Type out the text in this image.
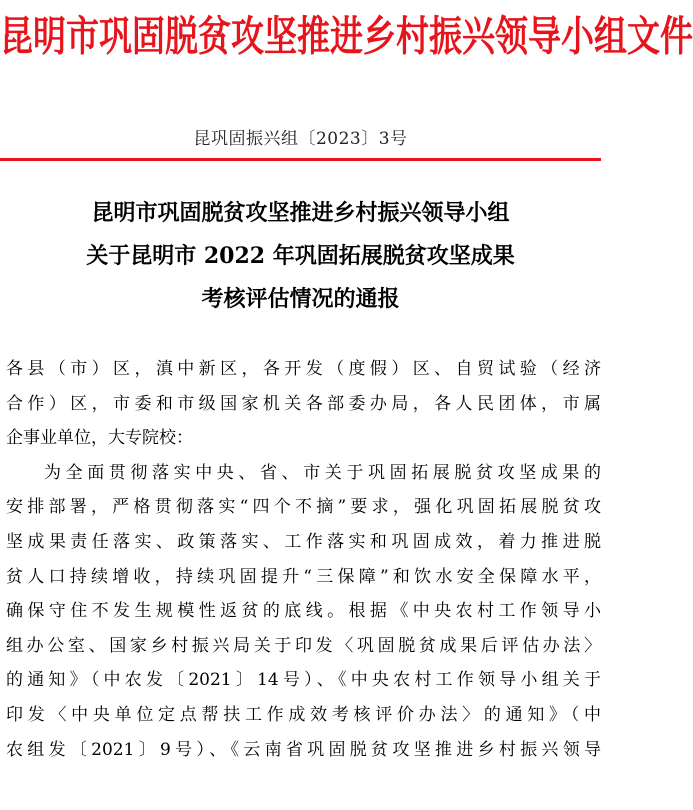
昆明市巩固脱贫攻坚推进乡村振兴领导小组文件
昆巩固振兴组〔2023〕3号
昆明市巩固脱贫攻坚推进乡村振兴领导小组
关于昆明市 2022 年巩固拓展脱贫攻坚成果
考核评估情况的通报
各县（市）区，滇中新区，各开发（度假）区、自贸试验（经济
合作）区，市委和市级国家机关各部委办局，各人民团体，市属
企事业单位，大专院校：
为全面贯彻落实中央、省、市关于巩固拓展脱贫攻坚成果的
安排部署，严格贯彻落实“四个不摘”要求，强化巩固拓展脱贫攻
坚成果责任落实、政策落实、工作落实和巩固成效，着力推进脱
贫人口持续增收，持续巩固提升“三保障”和饮水安全保障水平，
确保守住不发生规模性返贫的底线。根据《中央农村工作领导小
组办公室、国家乡村振兴局关于印发〈巩固脱贫成果后评估办法〉
的通知》（中农发〔2021〕14号）、《中央农村工作领导小组关于
印发〈中央单位定点帮扶工作成效考核评价办法〉的通知》（中
农组发〔2021〕9号）、《云南省巩固脱贫攻坚推进乡村振兴领导
